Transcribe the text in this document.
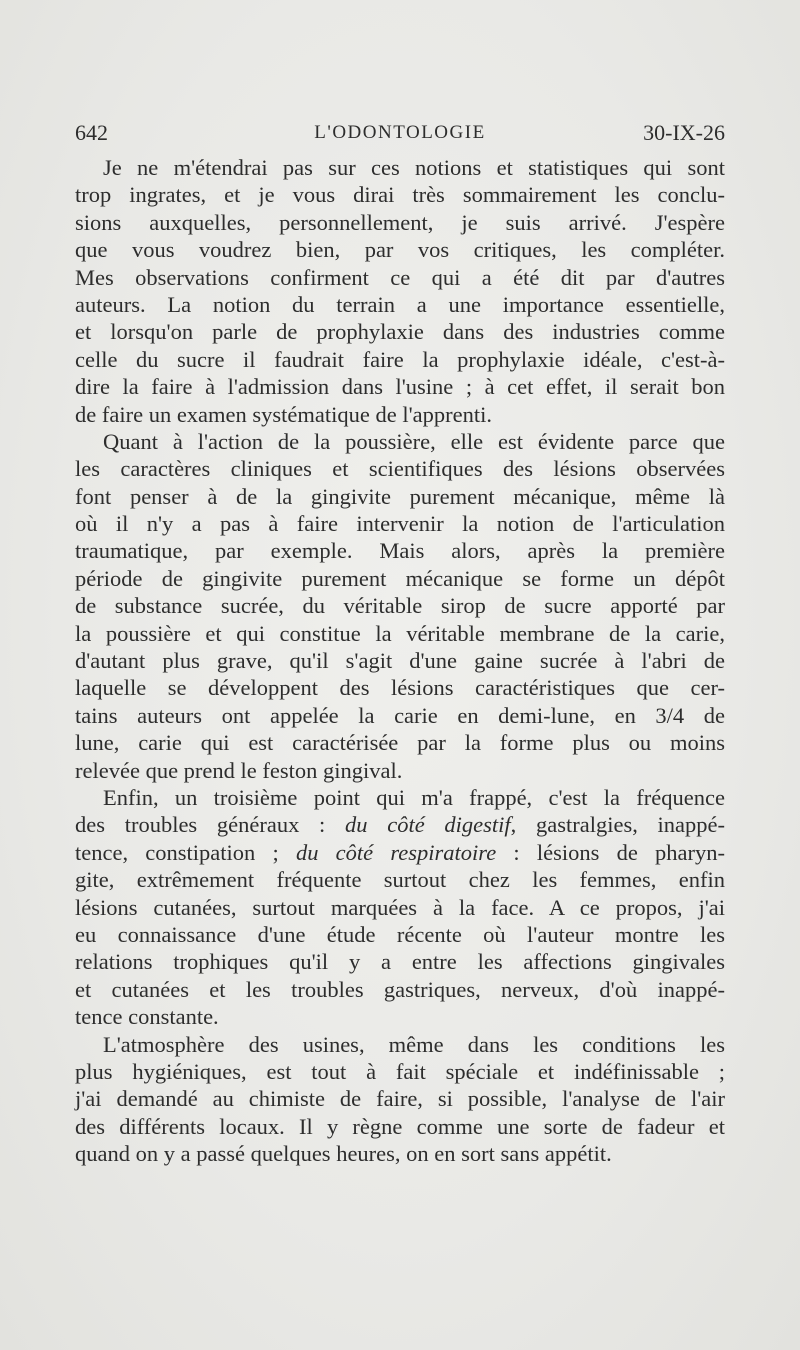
642	L'ODONTOLOGIE	30-IX-26
Je ne m'étendrai pas sur ces notions et statistiques qui sont
trop ingrates, et je vous dirai très sommairement les conclu-
sions auxquelles, personnellement, je suis arrivé. J'espère
que vous voudrez bien, par vos critiques, les compléter.
Mes observations confirment ce qui a été dit par d'autres
auteurs. La notion du terrain a une importance essentielle,
et lorsqu'on parle de prophylaxie dans des industries comme
celle du sucre il faudrait faire la prophylaxie idéale, c'est-à-
dire la faire à l'admission dans l'usine ; à cet effet, il serait bon
de faire un examen systématique de l'apprenti.
Quant à l'action de la poussière, elle est évidente parce que
les caractères cliniques et scientifiques des lésions observées
font penser à de la gingivite purement mécanique, même là
où il n'y a pas à faire intervenir la notion de l'articulation
traumatique, par exemple. Mais alors, après la première
période de gingivite purement mécanique se forme un dépôt
de substance sucrée, du véritable sirop de sucre apporté par
la poussière et qui constitue la véritable membrane de la carie,
d'autant plus grave, qu'il s'agit d'une gaine sucrée à l'abri de
laquelle se développent des lésions caractéristiques que cer-
tains auteurs ont appelée la carie en demi-lune, en 3/4 de
lune, carie qui est caractérisée par la forme plus ou moins
relevée que prend le feston gingival.
Enfin, un troisième point qui m'a frappé, c'est la fréquence
des troubles généraux : du côté digestif, gastralgies, inappé-
tence, constipation ; du côté respiratoire : lésions de pharyn-
gite, extrêmement fréquente surtout chez les femmes, enfin
lésions cutanées, surtout marquées à la face. A ce propos, j'ai
eu connaissance d'une étude récente où l'auteur montre les
relations trophiques qu'il y a entre les affections gingivales
et cutanées et les troubles gastriques, nerveux, d'où inappé-
tence constante.
L'atmosphère des usines, même dans les conditions les
plus hygiéniques, est tout à fait spéciale et indéfinissable ;
j'ai demandé au chimiste de faire, si possible, l'analyse de l'air
des différents locaux. Il y règne comme une sorte de fadeur et
quand on y a passé quelques heures, on en sort sans appétit.
